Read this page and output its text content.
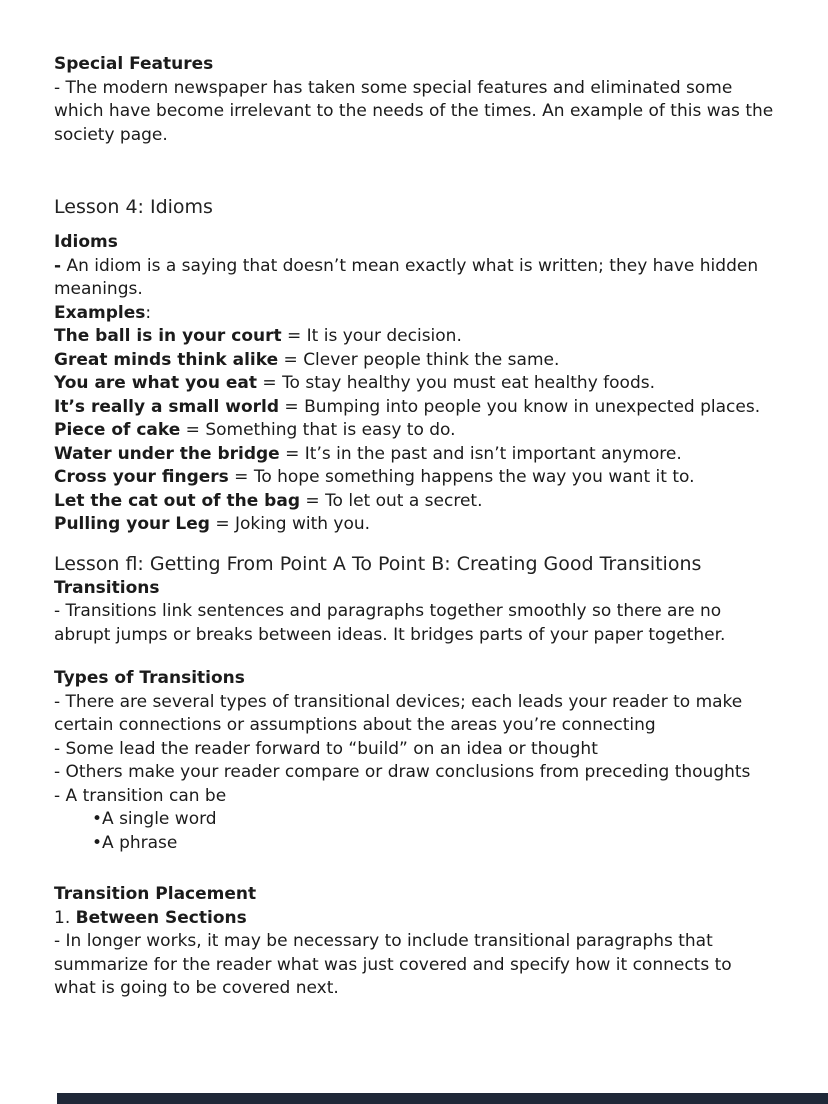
Special Features

- The modern newspaper has taken some special features and eliminated some which have become irrelevant to the needs of the times. An example of this was the society page.

Lesson 4: Idioms
Idioms

- An idiom is a saying that doesn’t mean exactly what is written; they have hidden meanings.

Examples:

The ball is in your court = It is your decision.
Great minds think alike = Clever people think the same.
You are what you eat = To stay healthy you must eat healthy foods.
It’s really a small world = Bumping into people you know in unexpected places.
Piece of cake = Something that is easy to do.
Water under the bridge = It’s in the past and isn’t important anymore.
Cross your fingers = To hope something happens the way you want it to.
Let the cat out of the bag = To let out a secret.
Pulling your Leg = Joking with you.
Lesson fl: Getting From Point A To Point B: Creating Good Transitions
Transitions

- Transitions link sentences and paragraphs together smoothly so there are no abrupt jumps or breaks between ideas. It bridges parts of your paper together.

Types of Transitions
- There are several types of transitional devices; each leads your reader to make certain connections or assumptions about the areas you’re connecting
- Some lead the reader forward to “build” on an idea or thought
- Others make your reader compare or draw conclusions from preceding thoughts
- A transition can be
•A single word
•A phrase
Transition Placement

1. Between Sections

- In longer works, it may be necessary to include transitional paragraphs that summarize for the reader what was just covered and specify how it connects to what is going to be covered next.
